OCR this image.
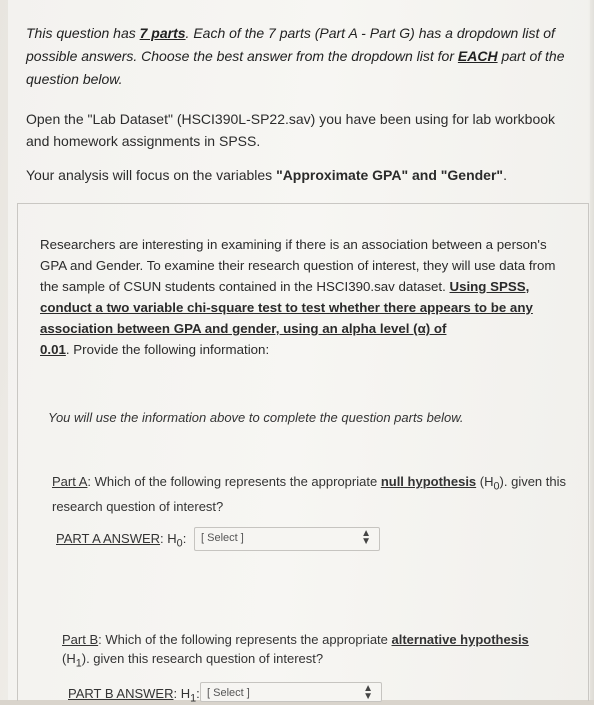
This question has 7 parts. Each of the 7 parts (Part A - Part G) has a dropdown list of possible answers. Choose the best answer from the dropdown list for EACH part of the question below.
Open the "Lab Dataset" (HSCI390L-SP22.sav) you have been using for lab workbook and homework assignments in SPSS.
Your analysis will focus on the variables "Approximate GPA" and "Gender".
Researchers are interesting in examining if there is an association between a person's GPA and Gender. To examine their research question of interest, they will use data from the sample of CSUN students contained in the HSCI390.sav dataset. Using SPSS, conduct a two variable chi-square test to test whether there appears to be any association between GPA and gender, using an alpha level (α) of
0.01. Provide the following information:
You will use the information above to complete the question parts below.
Part A: Which of the following represents the appropriate null hypothesis $(H_0)$. given this research question of interest?
PART A ANSWER: $H_0$: [ Select ]	▲
▼
Part B: Which of the following represents the appropriate alternative hypothesis
$(H_1)$. given this research question of interest?
PART B ANSWER: $H_1$: [ Select ]	▲
▼
